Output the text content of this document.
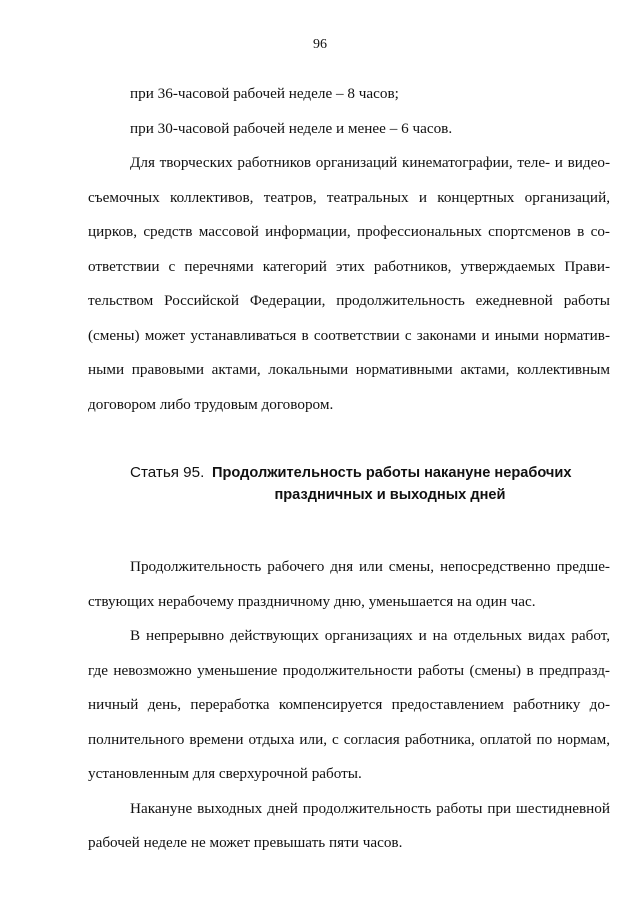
96
при 36-часовой рабочей неделе – 8 часов;
при 30-часовой рабочей неделе и менее – 6 часов.
Для творческих работников организаций кинематографии, теле- и видео-
съемочных коллективов, театров, театральных и концертных организаций,
цирков, средств массовой информации, профессиональных спортсменов в со-
ответствии с перечнями категорий этих работников, утверждаемых Прави-
тельством Российской Федерации, продолжительность ежедневной работы
(смены) может устанавливаться в соответствии с законами и иными норматив-
ными правовыми актами, локальными нормативными актами, коллективным
договором либо трудовым договором.
Статья 95. Продолжительность работы накануне нерабочих
праздничных и выходных дней
Продолжительность рабочего дня или смены, непосредственно предше-
ствующих нерабочему праздничному дню, уменьшается на один час.
В непрерывно действующих организациях и на отдельных видах работ,
где невозможно уменьшение продолжительности работы (смены) в предпразд-
ничный день, переработка компенсируется предоставлением работнику до-
полнительного времени отдыха или, с согласия работника, оплатой по нормам,
установленным для сверхурочной работы.
Накануне выходных дней продолжительность работы при шестидневной
рабочей неделе не может превышать пяти часов.
